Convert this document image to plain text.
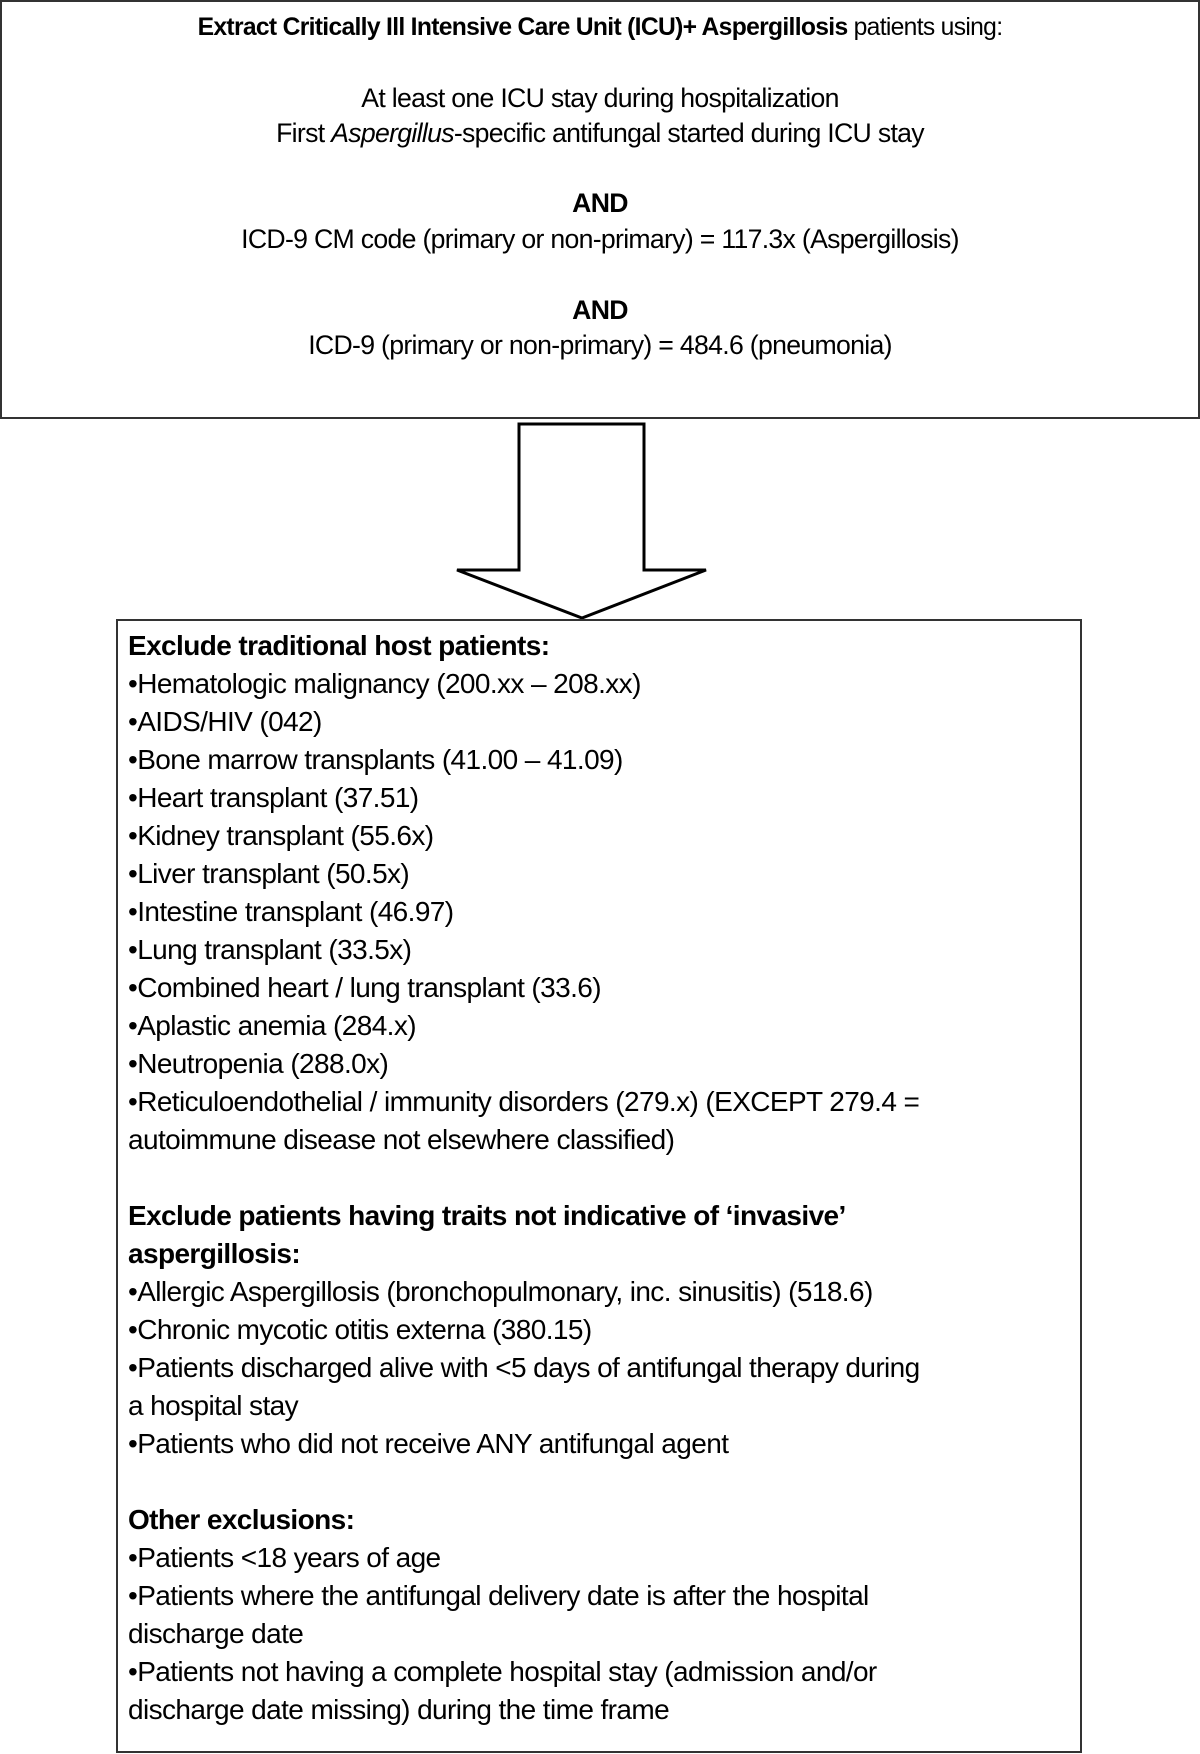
Extract Critically Ill Intensive Care Unit (ICU)+ Aspergillosis patients using:
At least one ICU stay during hospitalization
First Aspergillus-specific antifungal started during ICU stay
AND
ICD-9 CM code (primary or non-primary) = 117.3x (Aspergillosis)
AND
ICD-9 (primary or non-primary) = 484.6 (pneumonia)
Exclude traditional host patients:
•Hematologic malignancy (200.xx – 208.xx)
•AIDS/HIV (042)
•Bone marrow transplants (41.00 – 41.09)
•Heart transplant (37.51)
•Kidney transplant (55.6x)
•Liver transplant (50.5x)
•Intestine transplant (46.97)
•Lung transplant (33.5x)
•Combined heart / lung transplant (33.6)
•Aplastic anemia (284.x)
•Neutropenia (288.0x)
•Reticuloendothelial / immunity disorders (279.x) (EXCEPT 279.4 =
autoimmune disease not elsewhere classified)
Exclude patients having traits not indicative of ‘invasive’
aspergillosis:
•Allergic Aspergillosis (bronchopulmonary, inc. sinusitis) (518.6)
•Chronic mycotic otitis externa (380.15)
•Patients discharged alive with <5 days of antifungal therapy during
a hospital stay
•Patients who did not receive ANY antifungal agent
Other exclusions:
•Patients <18 years of age
•Patients where the antifungal delivery date is after the hospital
discharge date
•Patients not having a complete hospital stay (admission and/or
discharge date missing) during the time frame
